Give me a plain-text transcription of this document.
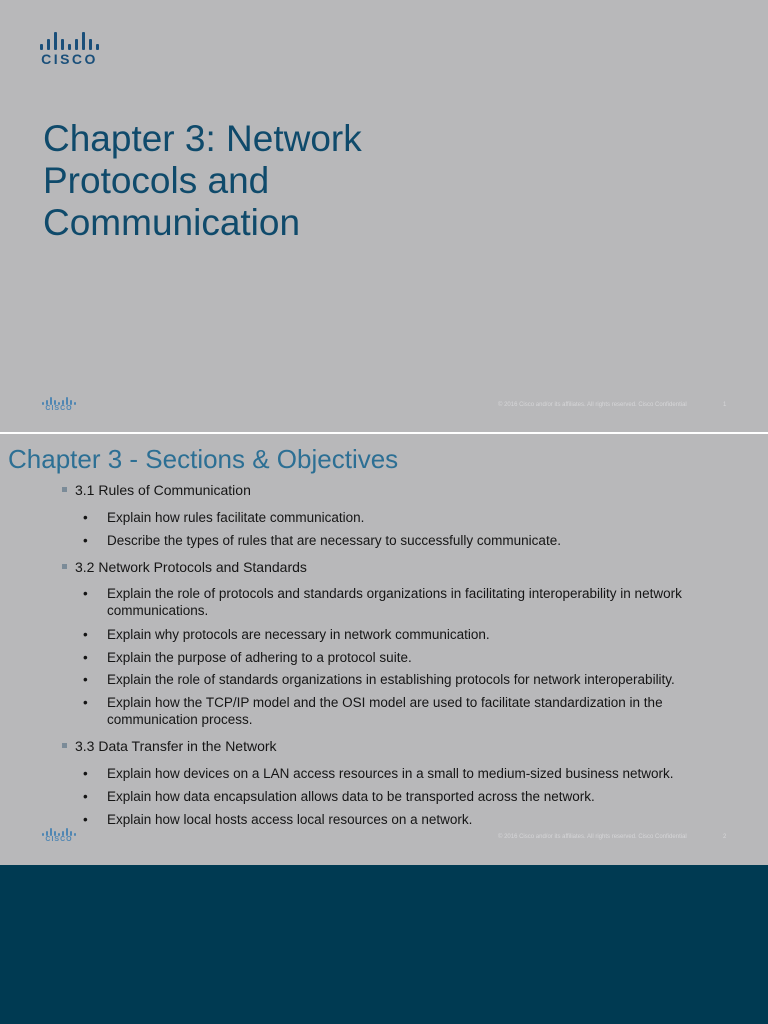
CISCO
Chapter 3: Network
Protocols and
Communication
CISCO	© 2016 Cisco and/or its affiliates. All rights reserved. Cisco Confidential	1
Chapter 3 - Sections & Objectives
3.1 Rules of Communication
• Explain how rules facilitate communication.
• Describe the types of rules that are necessary to successfully communicate.
3.2 Network Protocols and Standards
• Explain the role of protocols and standards organizations in facilitating interoperability in network communications.
• Explain why protocols are necessary in network communication.
• Explain the purpose of adhering to a protocol suite.
• Explain the role of standards organizations in establishing protocols for network interoperability.
• Explain how the TCP/IP model and the OSI model are used to facilitate standardization in the communication process.
3.3 Data Transfer in the Network
• Explain how devices on a LAN access resources in a small to medium-sized business network.
• Explain how data encapsulation allows data to be transported across the network.
• Explain how local hosts access local resources on a network.
CISCO	© 2016 Cisco and/or its affiliates. All rights reserved. Cisco Confidential	2
